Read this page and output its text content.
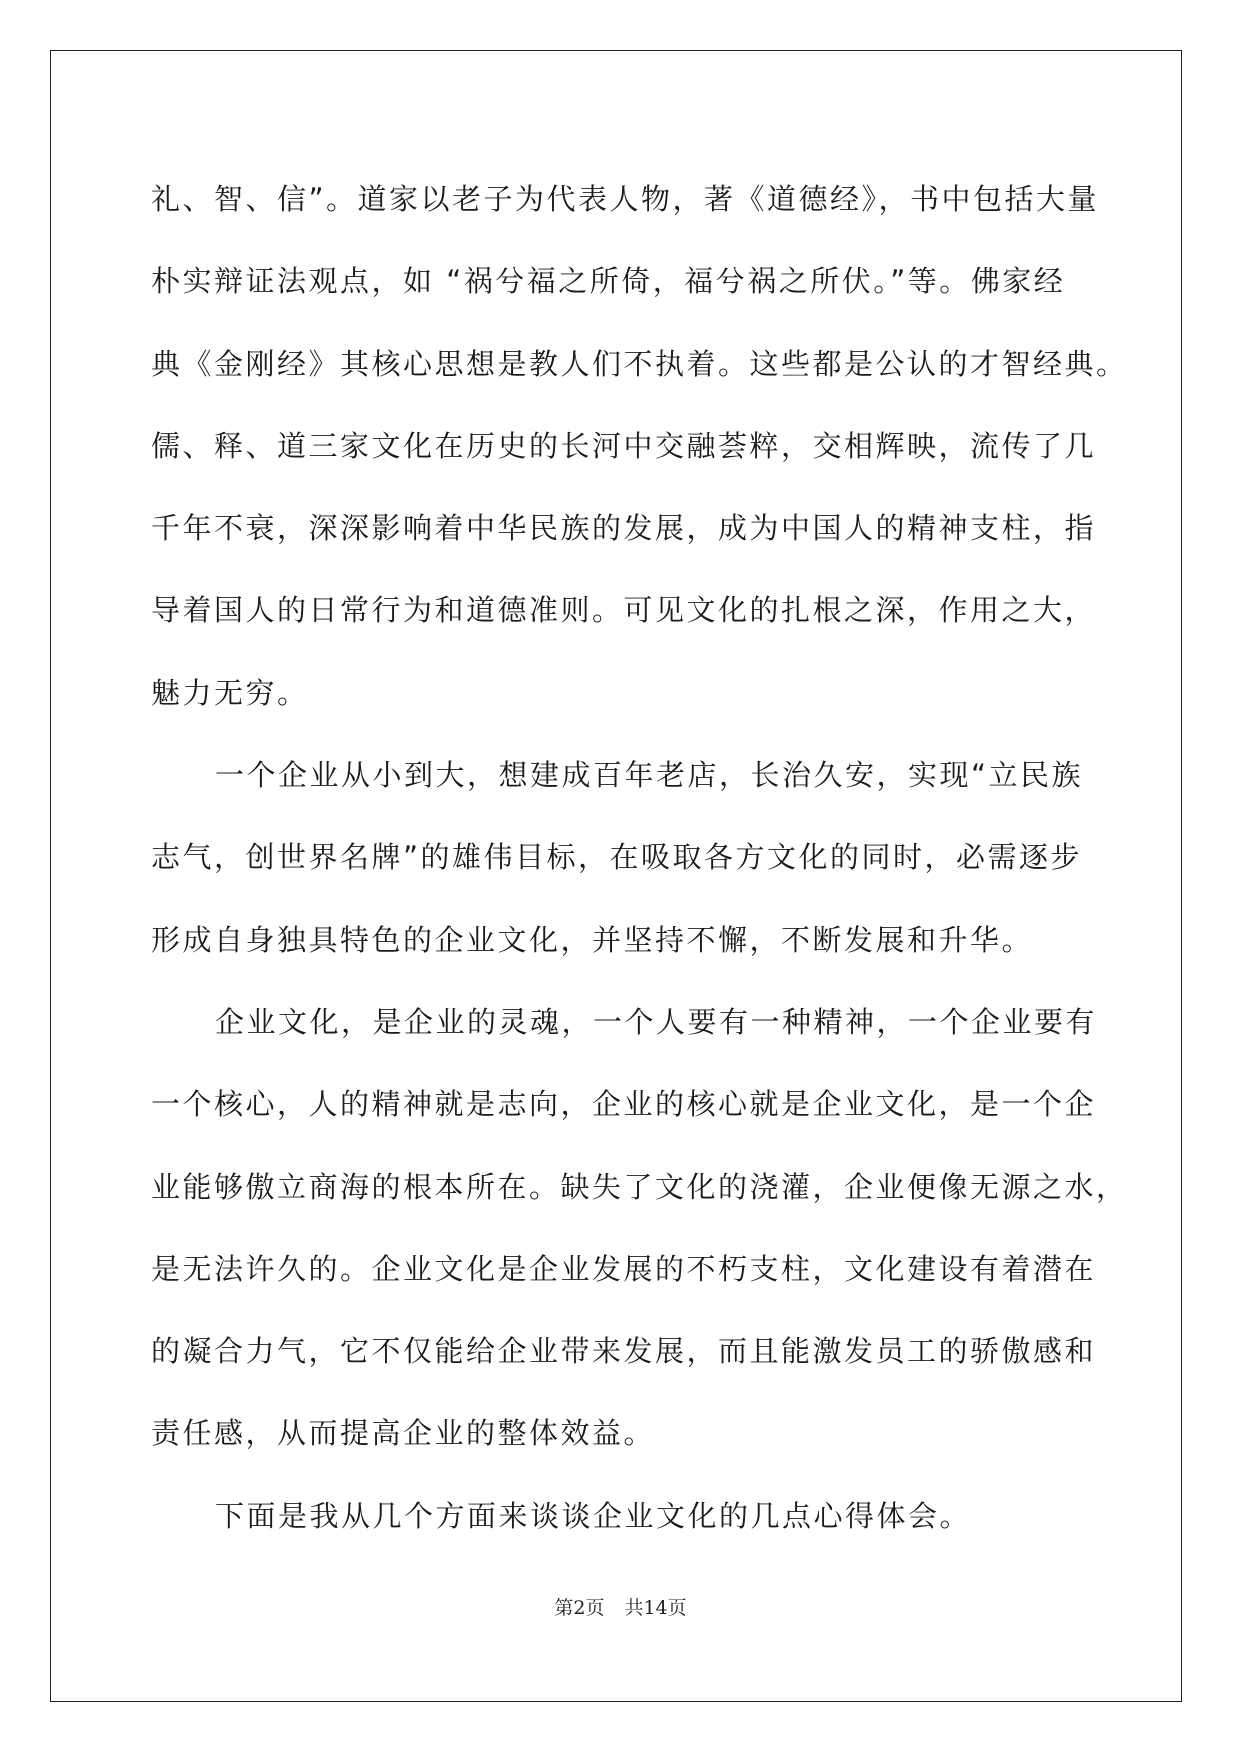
礼、智、信”。道家以老子为代表人物，著《道德经》，书中包括大量
朴实辩证法观点，如 “祸兮福之所倚，福兮祸之所伏。”等。佛家经
典《金刚经》其核心思想是教人们不执着。这些都是公认的才智经典。
儒、释、道三家文化在历史的长河中交融荟粹，交相辉映，流传了几
千年不衰，深深影响着中华民族的发展，成为中国人的精神支柱，指
导着国人的日常行为和道德准则。可见文化的扎根之深，作用之大，
魅力无穷。
一个企业从小到大，想建成百年老店，长治久安，实现“立民族
志气，创世界名牌”的雄伟目标，在吸取各方文化的同时，必需逐步
形成自身独具特色的企业文化，并坚持不懈，不断发展和升华。
企业文化，是企业的灵魂，一个人要有一种精神，一个企业要有
一个核心，人的精神就是志向，企业的核心就是企业文化，是一个企
业能够傲立商海的根本所在。缺失了文化的浇灌，企业便像无源之水，
是无法许久的。企业文化是企业发展的不朽支柱，文化建设有着潜在
的凝合力气，它不仅能给企业带来发展，而且能激发员工的骄傲感和
责任感，从而提高企业的整体效益。
下面是我从几个方面来谈谈企业文化的几点心得体会。
第2页 共14页
